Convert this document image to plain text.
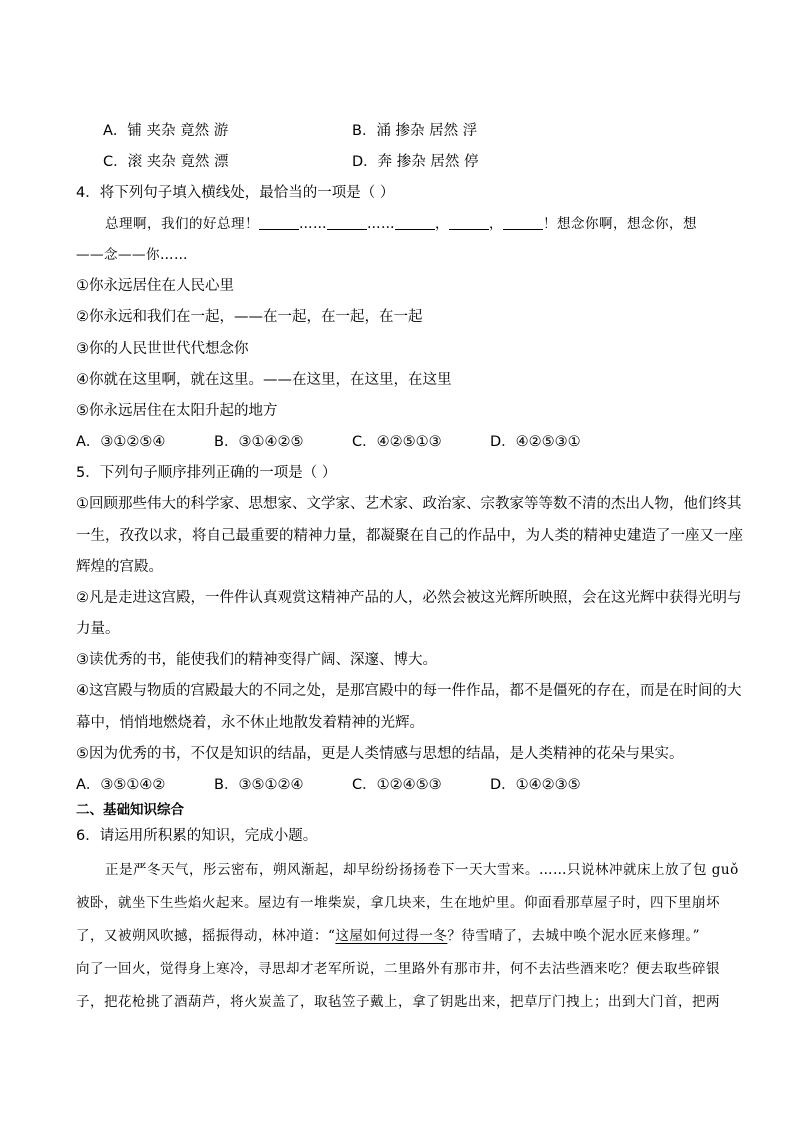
A．铺 夹杂 竟然 游	B．涌 掺杂 居然 浮
C．滚 夹杂 竟然 漂	D．奔 掺杂 居然 停
4．将下列句子填入横线处，最恰当的一项是（ ）
总理啊，我们的好总理！	……	……	，	，	！想念你啊，想念你，想
——念——你……
①你永远居住在人民心里
②你永远和我们在一起，——在一起，在一起，在一起
③你的人民世世代代想念你
④你就在这里啊，就在这里。——在这里，在这里，在这里
⑤你永远居住在太阳升起的地方
A．③①②⑤④	B．③①④②⑤	C．④②⑤①③	D．④②⑤③①
5．下列句子顺序排列正确的一项是（ ）
①回顾那些伟大的科学家、思想家、文学家、艺术家、政治家、宗教家等等数不清的杰出人物，他们终其
一生，孜孜以求，将自己最重要的精神力量，都凝聚在自己的作品中，为人类的精神史建造了一座又一座
辉煌的宫殿。
②凡是走进这宫殿，一件件认真观赏这精神产品的人，必然会被这光辉所映照，会在这光辉中获得光明与
力量。
③读优秀的书，能使我们的精神变得广阔、深邃、博大。
④这宫殿与物质的宫殿最大的不同之处，是那宫殿中的每一件作品，都不是僵死的存在，而是在时间的大
幕中，悄悄地燃烧着，永不休止地散发着精神的光辉。
⑤因为优秀的书，不仅是知识的结晶，更是人类情感与思想的结晶，是人类精神的花朵与果实。
A．③⑤①④②	B．③⑤①②④	C．①②④⑤③	D．①④②③⑤
二、基础知识综合
6．请运用所积累的知识，完成小题。
正是严冬天气，彤云密布，朔风渐起，却早纷纷扬扬卷下一天大雪来。……只说林冲就床上放了包 guǒ
被卧，就坐下生些焰火起来。屋边有一堆柴炭，拿几块来，生在地炉里。仰面看那草屋子时，四下里崩坏
了，又被朔风吹撼，摇振得动，林冲道：“这屋如何过得一冬？待雪晴了，去城中唤个泥水匠来修理。”
向了一回火，觉得身上寒冷，寻思却才老军所说，二里路外有那市井，何不去沽些酒来吃？便去取些碎银
子，把花枪挑了酒葫芦，将火炭盖了，取毡笠子戴上，拿了钥匙出来，把草厅门拽上；出到大门首，把两
